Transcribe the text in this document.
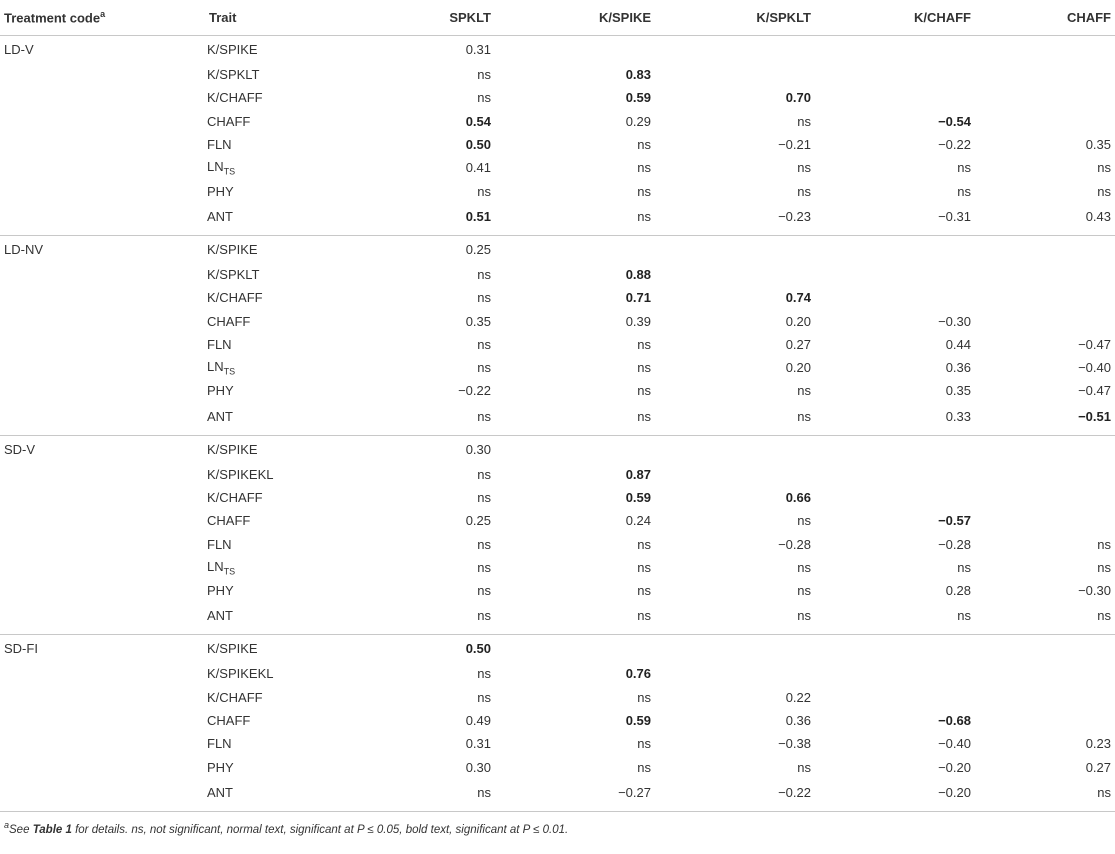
Treatment code$^a$	Trait	SPKLT	K/SPIKE	K/SPKLT	K/CHAFF	CHAFF
LD-V	K/SPIKE	0.31				
	K/SPKLT	ns	0.83			
	K/CHAFF	ns	0.59	0.70		
	CHAFF	0.54	0.29	ns	−0.54	
	FLN	0.50	ns	−0.21	−0.22	0.35
	$LN_{TS}$	0.41	ns	ns	ns	ns
	PHY	ns	ns	ns	ns	ns
	ANT	0.51	ns	−0.23	−0.31	0.43
LD-NV	K/SPIKE	0.25				
	K/SPKLT	ns	0.88			
	K/CHAFF	ns	0.71	0.74		
	CHAFF	0.35	0.39	0.20	−0.30	
	FLN	ns	ns	0.27	0.44	−0.47
	$LN_{TS}$	ns	ns	0.20	0.36	−0.40
	PHY	−0.22	ns	ns	0.35	−0.47
	ANT	ns	ns	ns	0.33	−0.51
SD-V	K/SPIKE	0.30				
	K/SPIKEKL	ns	0.87			
	K/CHAFF	ns	0.59	0.66		
	CHAFF	0.25	0.24	ns	−0.57	
	FLN	ns	ns	−0.28	−0.28	ns
	$LN_{TS}$	ns	ns	ns	ns	ns
	PHY	ns	ns	ns	0.28	−0.30
	ANT	ns	ns	ns	ns	ns
SD-FI	K/SPIKE	0.50				
	K/SPIKEKL	ns	0.76			
	K/CHAFF	ns	ns	0.22		
	CHAFF	0.49	0.59	0.36	−0.68	
	FLN	0.31	ns	−0.38	−0.40	0.23
	PHY	0.30	ns	ns	−0.20	0.27
	ANT	ns	−0.27	−0.22	−0.20	ns
$^a$See Table 1 for details. ns, not significant, normal text, significant at P ≤ 0.05, bold text, significant at P ≤ 0.01.
